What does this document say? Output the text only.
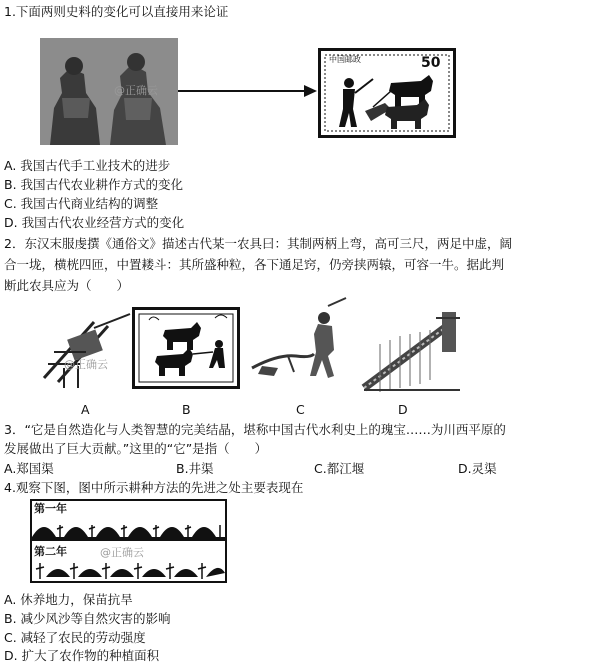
1.下面两则史料的变化可以直接用来论证
@正确云
中国邮政	50
A. 我国古代手工业技术的进步
B. 我国古代农业耕作方式的变化
C. 我国古代商业结构的调整
D. 我国古代农业经营方式的变化
2．东汉末服虔撰《通俗文》描述古代某一农具曰：其制两柄上弯，高可三尺，两足中虚，阔
合一垅，横桄四匝，中置耧斗：其所盛种粒，各下通足窍，仍旁挟两辕，可容一牛。据此判
断此农具应为（　　）
@正确云
A	B	C	D
3．“它是自然造化与人类智慧的完美结晶，堪称中国古代水利史上的瑰宝……为川西平原的
发展做出了巨大贡献。”这里的“它”是指（　　）
A.郑国渠	B.井渠	C.都江堰	D.灵渠
4.观察下图，图中所示耕种方法的先进之处主要表现在
第一年
第二年	@正确云
A. 休养地力，保苗抗旱
B. 减少风沙等自然灾害的影响
C. 减轻了农民的劳动强度
D. 扩大了农作物的种植面积
